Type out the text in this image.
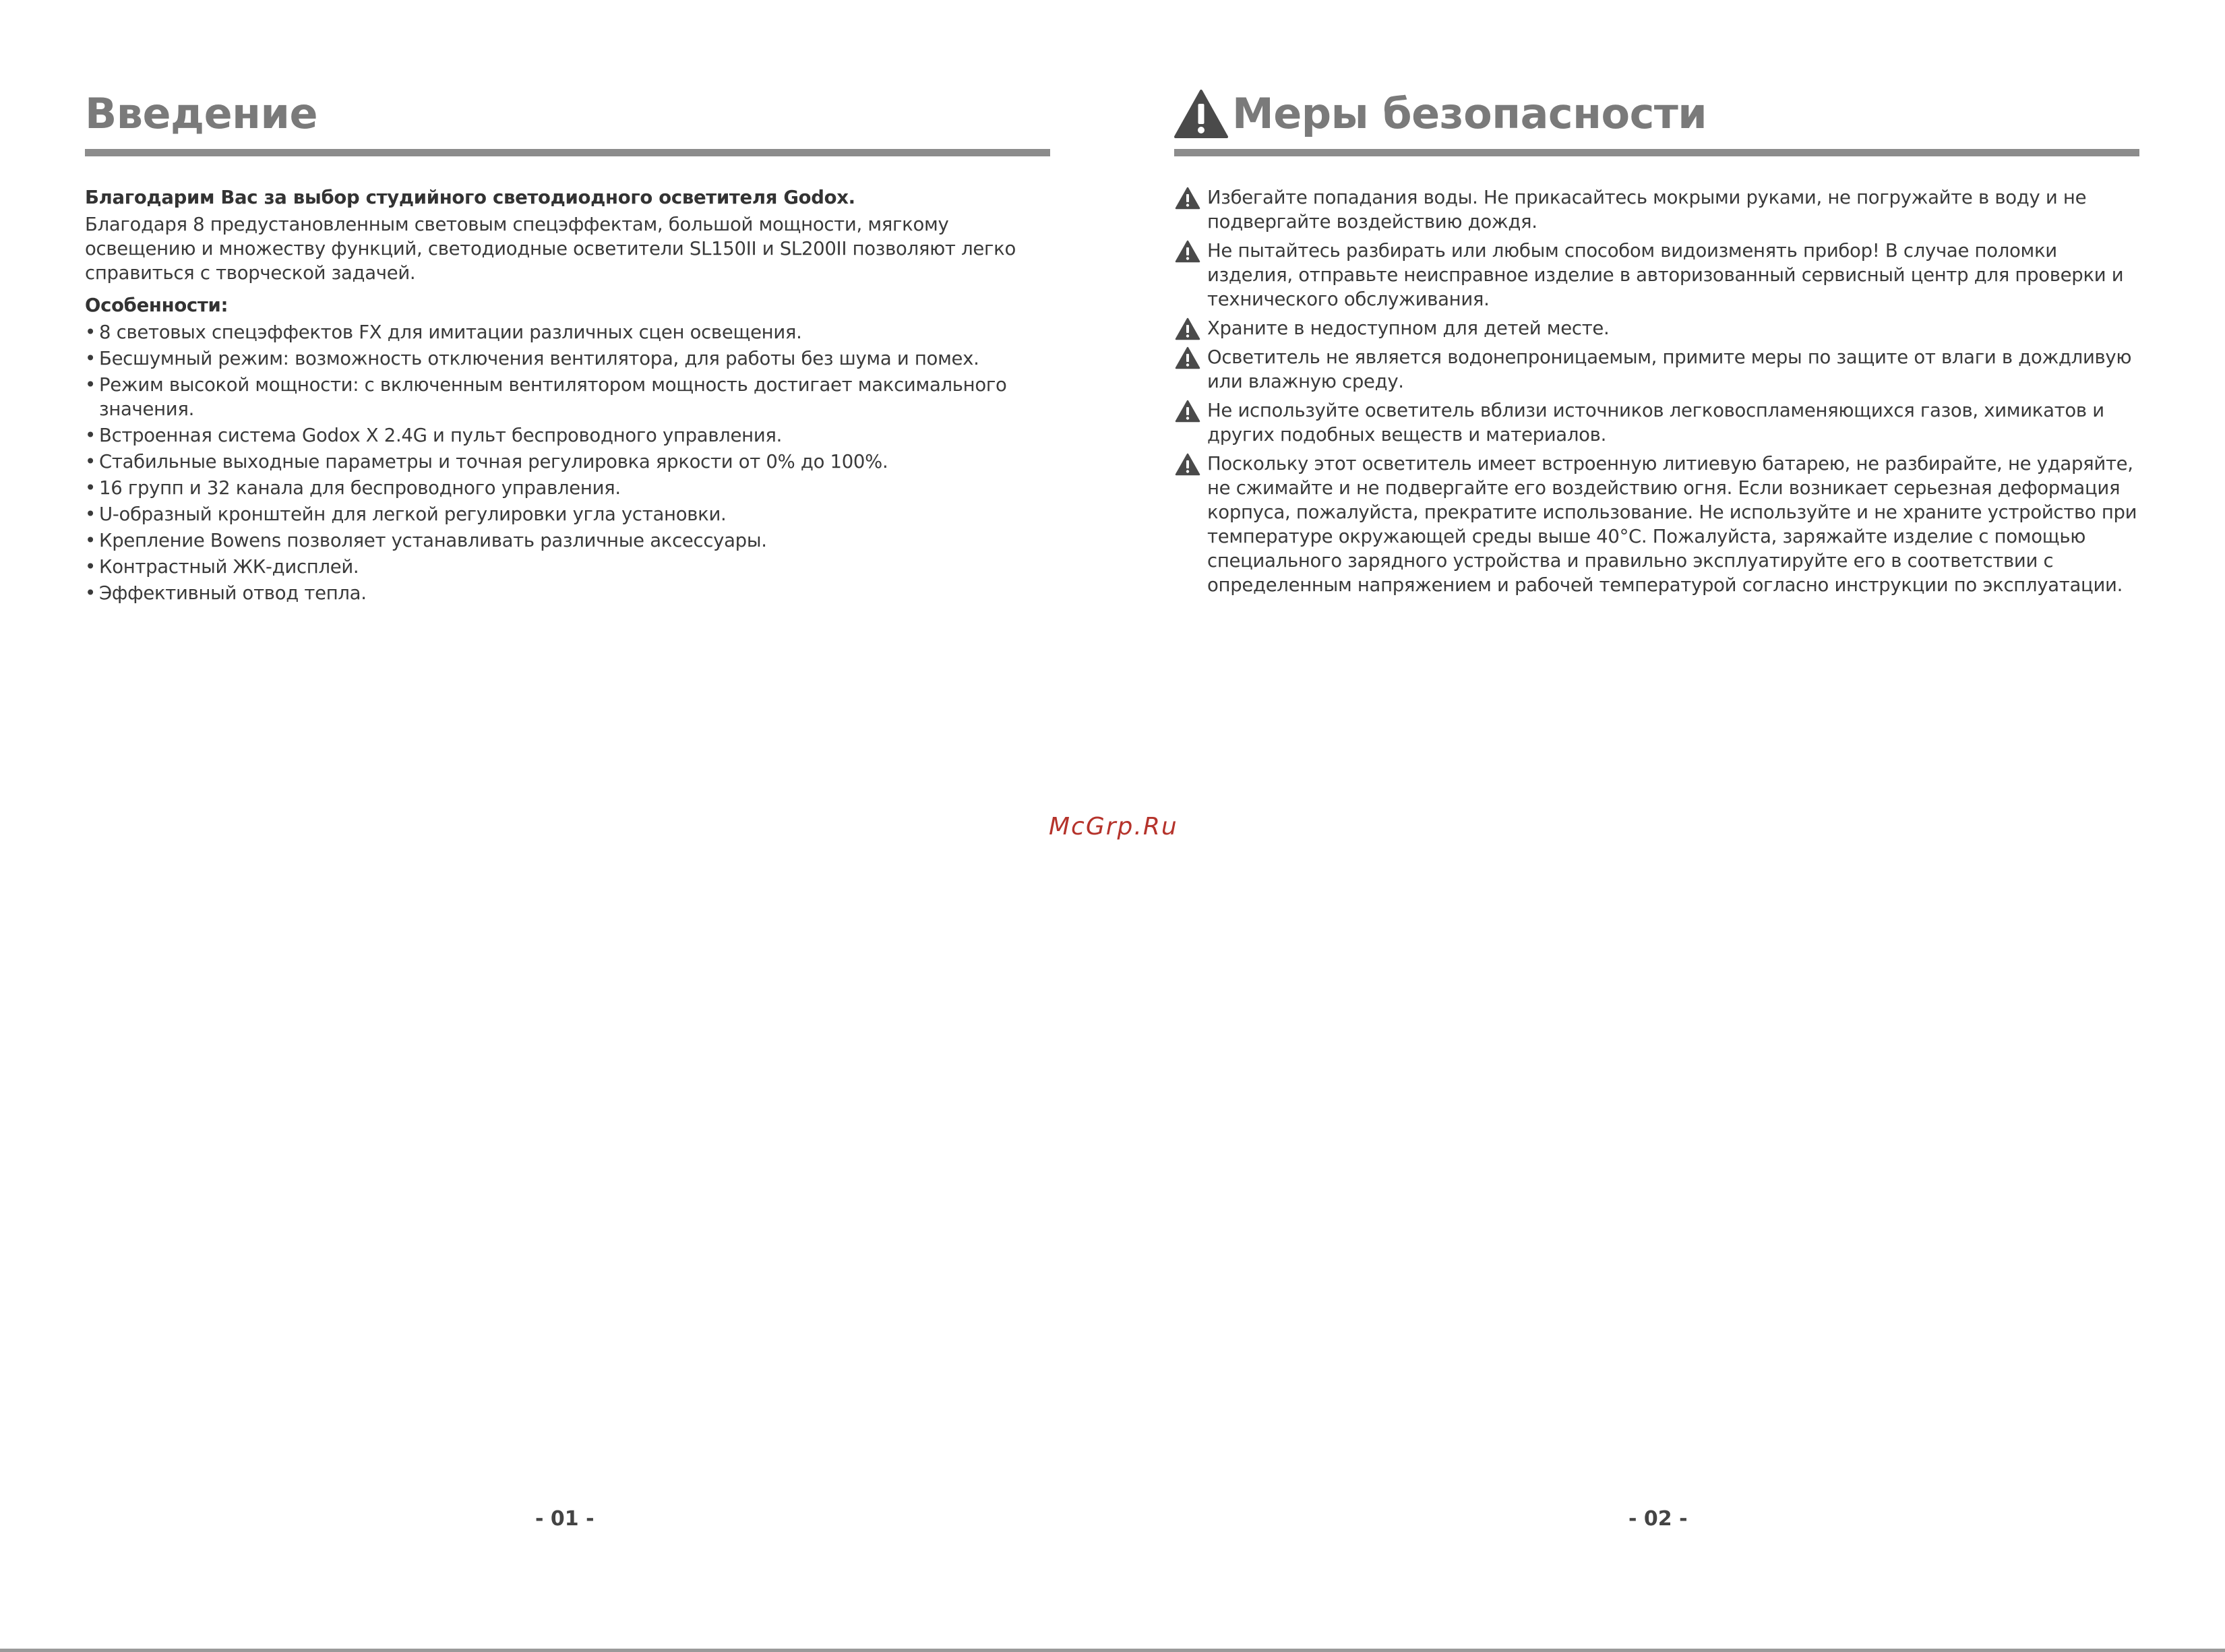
Введение

Благодарим Вас за выбор студийного светодиодного осветителя Godox.

Благодаря 8 предустановленным световым спецэффектам, большой мощности, мягкому освещению и множеству функций, светодиодные осветители SL150II и SL200II позволяют легко справиться с творческой задачей.

Особенности:

• 8 световых спецэффектов FX для имитации различных сцен освещения.
• Бесшумный режим: возможность отключения вентилятора, для работы без шума и помех.
• Режим высокой мощности: с включенным вентилятором мощность достигает максимального значения.
• Встроенная система Godox X 2.4G и пульт беспроводного управления.
• Стабильные выходные параметры и точная регулировка яркости от 0% до 100%.
• 16 групп и 32 канала для беспроводного управления.
• U-образный кронштейн для легкой регулировки угла установки.
• Крепление Bowens позволяет устанавливать различные аксессуары.
• Контрастный ЖК-дисплей.
• Эффективный отвод тепла.
- 01 -
Меры безопасности
Избегайте попадания воды. Не прикасайтесь мокрыми руками, не погружайте в воду и не подвергайте воздействию дождя.
Не пытайтесь разбирать или любым способом видоизменять прибор! В случае поломки изделия, отправьте неисправное изделие в авторизованный сервисный центр для проверки и технического обслуживания.
Храните в недоступном для детей месте.
Осветитель не является водонепроницаемым, примите меры по защите от влаги в дождливую или влажную среду.
Не используйте осветитель вблизи источников легковоспламеняющихся газов, химикатов и других подобных веществ и материалов.
Поскольку этот осветитель имеет встроенную литиевую батарею, не разбирайте, не ударяйте, не сжимайте и не подвергайте его воздействию огня. Если возникает серьезная деформация корпуса, пожалуйста, прекратите использование. Не используйте и не храните устройство при температуре окружающей среды выше 40°C. Пожалуйста, заряжайте изделие с помощью специального зарядного устройства и правильно эксплуатируйте его в соответствии с определенным напряжением и рабочей температурой согласно инструкции по эксплуатации.
- 02 -
McGrp.Ru
